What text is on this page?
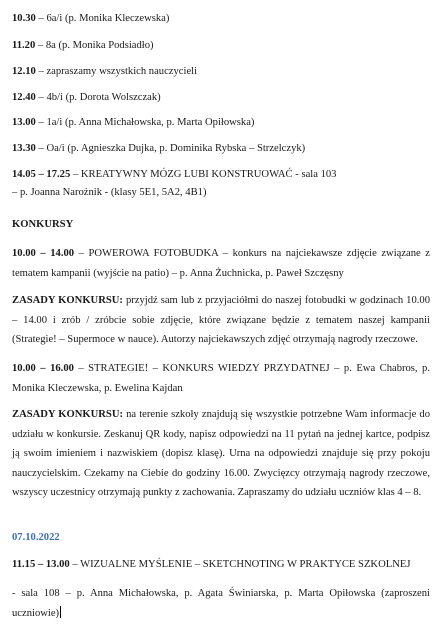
10.30 – 6a/i (p. Monika Kleczewska)
11.20 – 8a (p. Monika Podsiadło)
12.10 – zapraszamy wszystkich nauczycieli
12.40 – 4b/i (p. Dorota Wolszczak)
13.00 – 1a/i (p. Anna Michałowska, p. Marta Opiłowska)
13.30 – Oa/i (p. Agnieszka Dujka, p. Dominika Rybska – Strzelczyk)
14.05 – 17.25 – KREATYWNY MÓZG LUBI KONSTRUOWAĆ - sala 103
– p. Joanna Narożnik - (klasy 5E1, 5A2, 4B1)
KONKURSY
10.00 – 14.00 – POWEROWA FOTOBUDKA – konkurs na najciekawsze zdjęcie związane z tematem kampanii (wyjście na patio) – p. Anna Żuchnicka, p. Paweł Szczęsny
ZASADY KONKURSU: przyjdź sam lub z przyjaciółmi do naszej fotobudki w godzinach 10.00 – 14.00 i zrób / zróbcie sobie zdjęcie, które związane będzie z tematem naszej kampanii (Strategie! – Supermoce w nauce). Autorzy najciekawszych zdjęć otrzymają nagrody rzeczowe.
10.00 – 16.00 – STRATEGIE! – KONKURS WIEDZY PRZYDATNEJ – p. Ewa Chabros, p. Monika Kleczewska, p. Ewelina Kajdan
ZASADY KONKURSU: na terenie szkoły znajdują się wszystkie potrzebne Wam informacje do udziału w konkursie. Zeskanuj QR kody, napisz odpowiedzi na 11 pytań na jednej kartce, podpisz ją swoim imieniem i nazwiskiem (dopisz klasę). Urna na odpowiedzi znajduje się przy pokoju nauczycielskim. Czekamy na Ciebie do godziny 16.00. Zwycięzcy otrzymają nagrody rzeczowe, wszyscy uczestnicy otrzymają punkty z zachowania. Zapraszamy do udziału uczniów klas 4 – 8.
07.10.2022
11.15 – 13.00 – WIZUALNE MYŚLENIE – SKETCHNOTING W PRAKTYCE SZKOLNEJ
- sala 108 – p. Anna Michałowska, p. Agata Świniarska, p. Marta Opiłowska (zaproszeni uczniowie)
